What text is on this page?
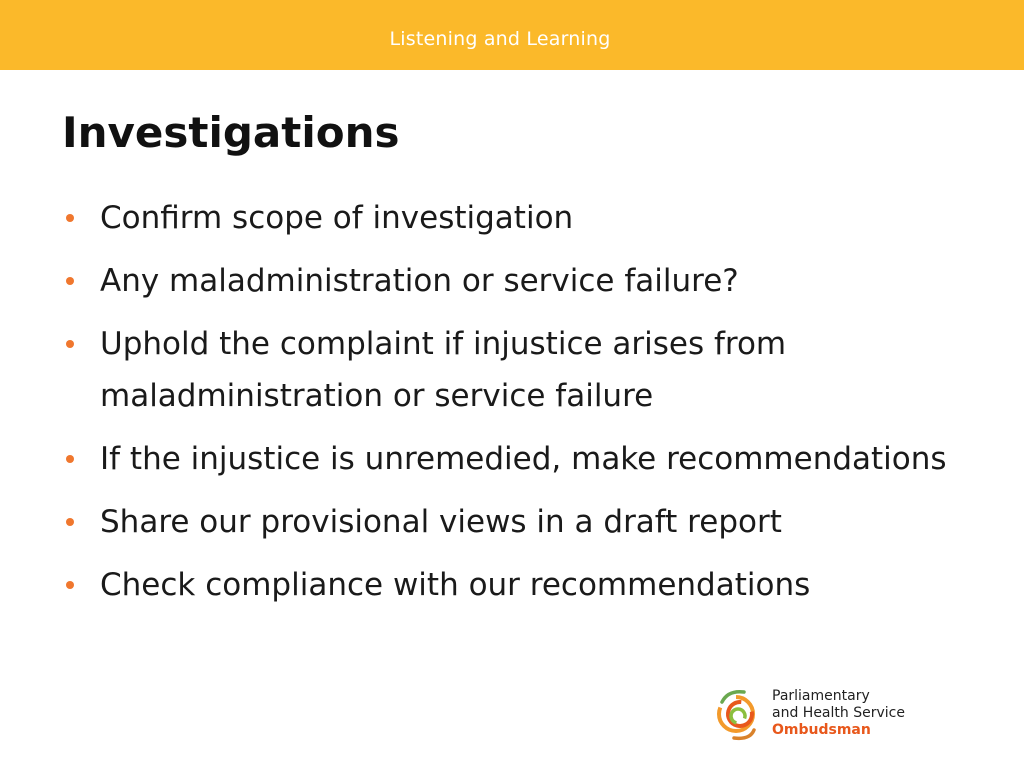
Listening and Learning
Investigations
Confirm scope of investigation
Any maladministration or service failure?
Uphold the complaint if injustice arises from maladministration or service failure
If the injustice is unremedied, make recommendations
Share our provisional views in a draft report
Check compliance with our recommendations
Parliamentary
and Health Service
Ombudsman
